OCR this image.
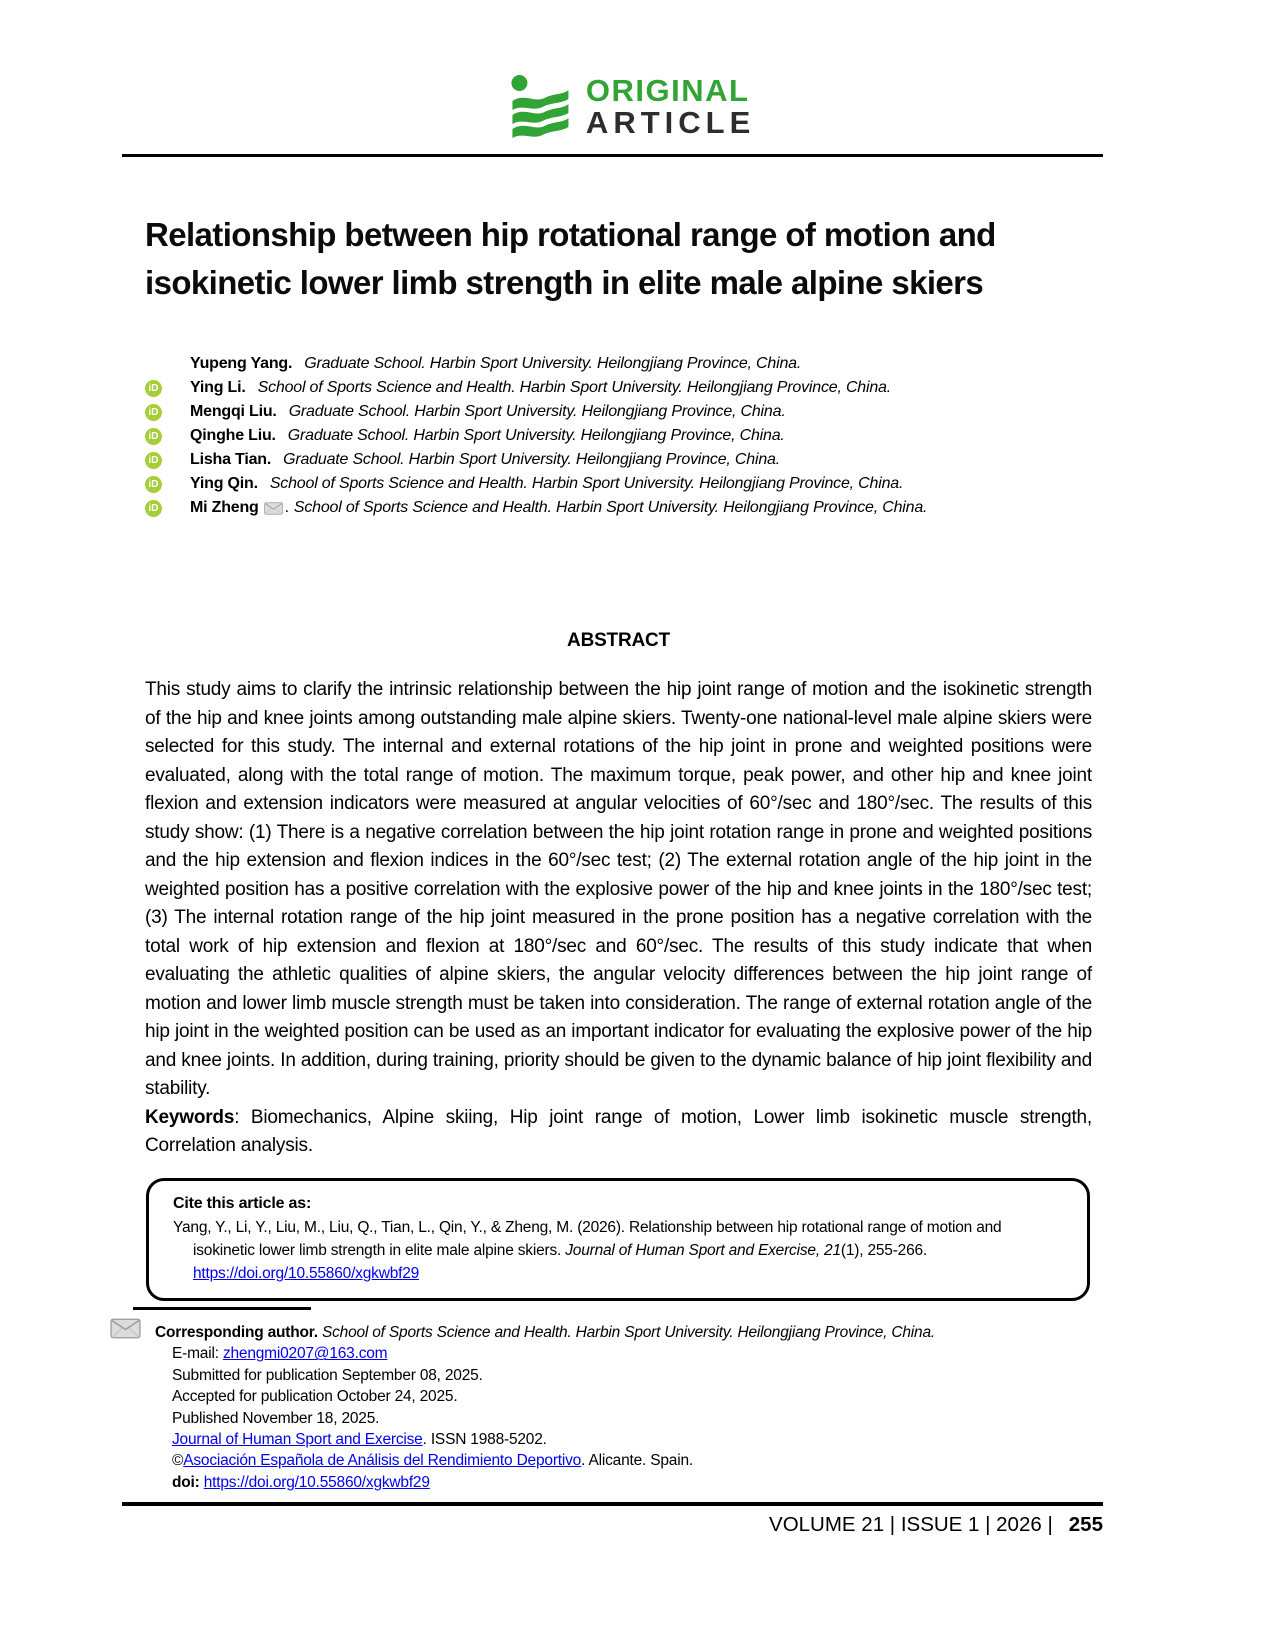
ORIGINAL
ARTICLE
Relationship between hip rotational range of motion and
isokinetic lower limb strength in elite male alpine skiers
Yupeng Yang. Graduate School. Harbin Sport University. Heilongjiang Province, China.
iD Ying Li. School of Sports Science and Health. Harbin Sport University. Heilongjiang Province, China.
iD Mengqi Liu. Graduate School. Harbin Sport University. Heilongjiang Province, China.
iD Qinghe Liu. Graduate School. Harbin Sport University. Heilongjiang Province, China.
iD Lisha Tian. Graduate School. Harbin Sport University. Heilongjiang Province, China.
iD Ying Qin. School of Sports Science and Health. Harbin Sport University. Heilongjiang Province, China.
iD Mi Zheng . School of Sports Science and Health. Harbin Sport University. Heilongjiang Province, China.
ABSTRACT

This study aims to clarify the intrinsic relationship between the hip joint range of motion and the isokinetic strength of the hip and knee joints among outstanding male alpine skiers. Twenty-one national-level male alpine skiers were selected for this study. The internal and external rotations of the hip joint in prone and weighted positions were evaluated, along with the total range of motion. The maximum torque, peak power, and other hip and knee joint flexion and extension indicators were measured at angular velocities of 60°/sec and 180°/sec. The results of this study show: (1) There is a negative correlation between the hip joint rotation range in prone and weighted positions and the hip extension and flexion indices in the 60°/sec test; (2) The external rotation angle of the hip joint in the weighted position has a positive correlation with the explosive power of the hip and knee joints in the 180°/sec test; (3) The internal rotation range of the hip joint measured in the prone position has a negative correlation with the total work of hip extension and flexion at 180°/sec and 60°/sec. The results of this study indicate that when evaluating the athletic qualities of alpine skiers, the angular velocity differences between the hip joint range of motion and lower limb muscle strength must be taken into consideration. The range of external rotation angle of the hip joint in the weighted position can be used as an important indicator for evaluating the explosive power of the hip and knee joints. In addition, during training, priority should be given to the dynamic balance of hip joint flexibility and stability.

Keywords: Biomechanics, Alpine skiing, Hip joint range of motion, Lower limb isokinetic muscle strength, Correlation analysis.

Cite this article as:
Yang, Y., Li, Y., Liu, M., Liu, Q., Tian, L., Qin, Y., & Zheng, M. (2026). Relationship between hip rotational range of motion and isokinetic lower limb strength in elite male alpine skiers. Journal of Human Sport and Exercise, 21(1), 255-266. https://doi.org/10.55860/xgkwbf29
Corresponding author. School of Sports Science and Health. Harbin Sport University. Heilongjiang Province, China.
E-mail: zhengmi0207@163.com
Submitted for publication September 08, 2025.
Accepted for publication October 24, 2025.
Published November 18, 2025.
Journal of Human Sport and Exercise. ISSN 1988-5202.
©Asociación Española de Análisis del Rendimiento Deportivo. Alicante. Spain.
doi: https://doi.org/10.55860/xgkwbf29
VOLUME 21 | ISSUE 1 | 2026 | 255
